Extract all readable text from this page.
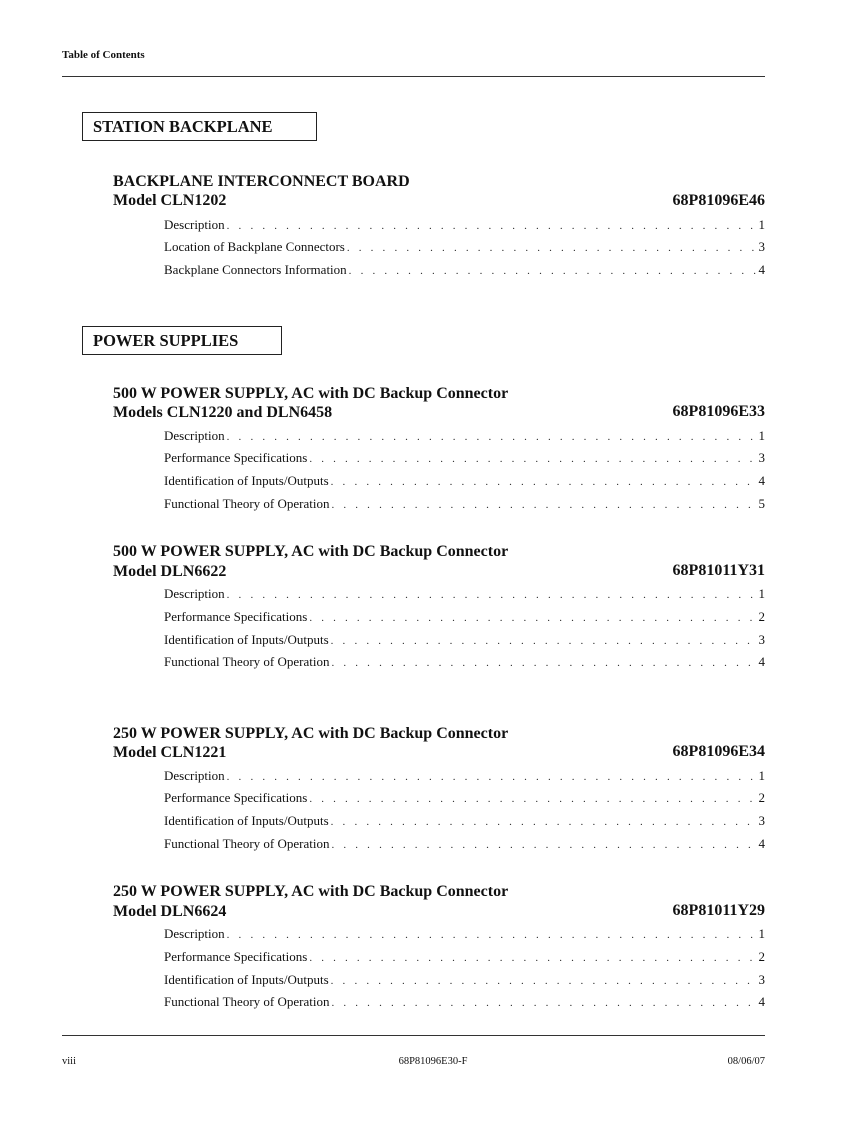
Table of Contents
STATION BACKPLANE
BACKPLANE INTERCONNECT BOARD
Model CLN1202	68P81096E46
Description . . .	1
Location of Backplane Connectors . . .	3
Backplane Connectors Information . . .	4
POWER SUPPLIES
500 W POWER SUPPLY, AC with DC Backup Connector
Models CLN1220 and DLN6458	68P81096E33
Description . . .	1
Performance Specifications . . .	3
Identification of Inputs/Outputs . . .	4
Functional Theory of Operation . . .	5
500 W POWER SUPPLY, AC with DC Backup Connector
Model DLN6622	68P81011Y31
Description . . .	1
Performance Specifications . . .	2
Identification of Inputs/Outputs . . .	3
Functional Theory of Operation . . .	4
250 W POWER SUPPLY, AC with DC Backup Connector
Model CLN1221	68P81096E34
Description . . .	1
Performance Specifications . . .	2
Identification of Inputs/Outputs . . .	3
Functional Theory of Operation . . .	4
250 W POWER SUPPLY, AC with DC Backup Connector
Model DLN6624	68P81011Y29
Description . . .	1
Performance Specifications . . .	2
Identification of Inputs/Outputs . . .	3
Functional Theory of Operation . . .	4
viii	68P81096E30-F	08/06/07
